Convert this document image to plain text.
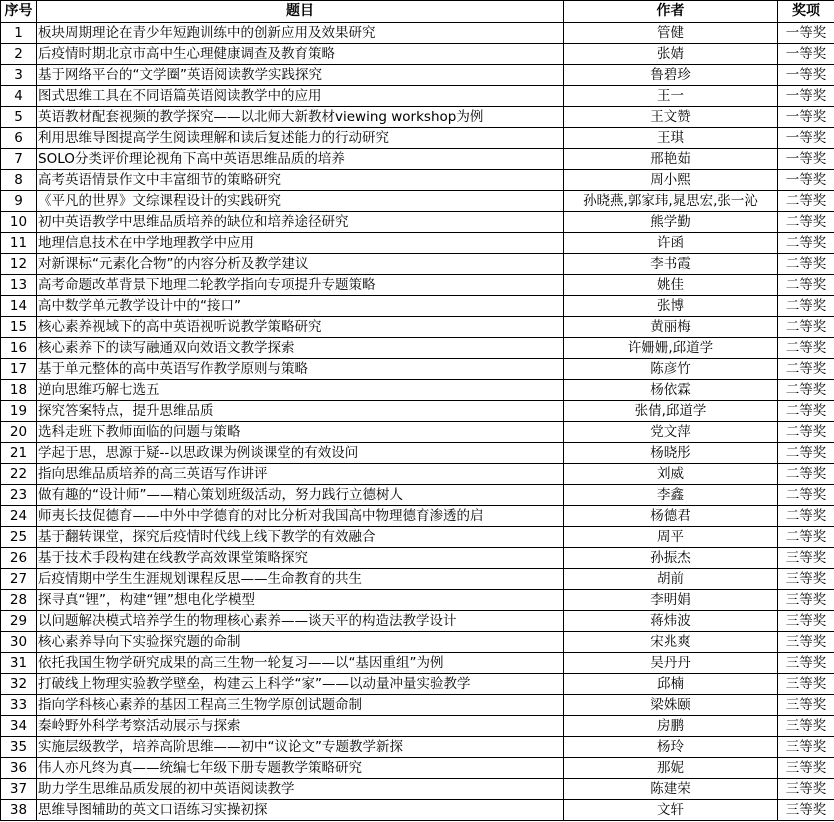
序号	题目	作者	奖项
1	板块周期理论在青少年短跑训练中的创新应用及效果研究	管健	一等奖
2	后疫情时期北京市高中生心理健康调查及教育策略	张婧	一等奖
3	基于网络平台的“文学圈”英语阅读教学实践探究	鲁碧珍	一等奖
4	图式思维工具在不同语篇英语阅读教学中的应用	王一	一等奖
5	英语教材配套视频的教学探究——以北师大新教材viewing workshop为例	王文赞	一等奖
6	利用思维导图提高学生阅读理解和读后复述能力的行动研究	王琪	一等奖
7	SOLO分类评价理论视角下高中英语思维品质的培养	邢艳茹	一等奖
8	高考英语情景作文中丰富细节的策略研究	周小熙	一等奖
9	《平凡的世界》文综课程设计的实践研究	孙晓燕,郭家玮,晁思宏,张一沁	二等奖
10	初中英语教学中思维品质培养的缺位和培养途径研究	熊学勤	二等奖
11	地理信息技术在中学地理教学中应用	许函	二等奖
12	对新课标“元素化合物”的内容分析及教学建议	李书霞	二等奖
13	高考命题改革背景下地理二轮教学指向专项提升专题策略	姚佳	二等奖
14	高中数学单元教学设计中的“接口”	张博	二等奖
15	核心素养视域下的高中英语视听说教学策略研究	黄丽梅	二等奖
16	核心素养下的读写融通双向效语文教学探索	许姗姗,邱道学	二等奖
17	基于单元整体的高中英语写作教学原则与策略	陈彦竹	二等奖
18	逆向思维巧解七选五	杨依霖	二等奖
19	探究答案特点，提升思维品质	张倩,邱道学	二等奖
20	选科走班下教师面临的问题与策略	党文萍	二等奖
21	学起于思，思源于疑--以思政课为例谈课堂的有效设问	杨晓彤	二等奖
22	指向思维品质培养的高三英语写作讲评	刘威	二等奖
23	做有趣的“设计师”——精心策划班级活动，努力践行立德树人	李鑫	二等奖
24	师夷长技促德育——中外中学德育的对比分析对我国高中物理德育渗透的启	杨德君	二等奖
25	基于翻转课堂，探究后疫情时代线上线下教学的有效融合	周平	二等奖
26	基于技术手段构建在线教学高效课堂策略探究	孙振杰	三等奖
27	后疫情期中学生生涯规划课程反思——生命教育的共生	胡前	三等奖
28	探寻真“锂”，构建“锂”想电化学模型	李明娟	三等奖
29	以问题解决模式培养学生的物理核心素养——谈天平的构造法教学设计	蒋炜波	三等奖
30	核心素养导向下实验探究题的命制	宋兆爽	三等奖
31	依托我国生物学研究成果的高三生物一轮复习——以“基因重组”为例	吴丹丹	三等奖
32	打破线上物理实验教学壁垒，构建云上科学“家”——以动量冲量实验教学	邱楠	三等奖
33	指向学科核心素养的基因工程高三生物学原创试题命制	梁姝颐	三等奖
34	秦岭野外科学考察活动展示与探索	房鹏	三等奖
35	实施层级教学，培养高阶思维——初中“议论文”专题教学新探	杨玲	三等奖
36	伟人亦凡终为真——统编七年级下册专题教学策略研究	那妮	三等奖
37	助力学生思维品质发展的初中英语阅读教学	陈建荣	三等奖
38	思维导图辅助的英文口语练习实操初探	文轩	三等奖
